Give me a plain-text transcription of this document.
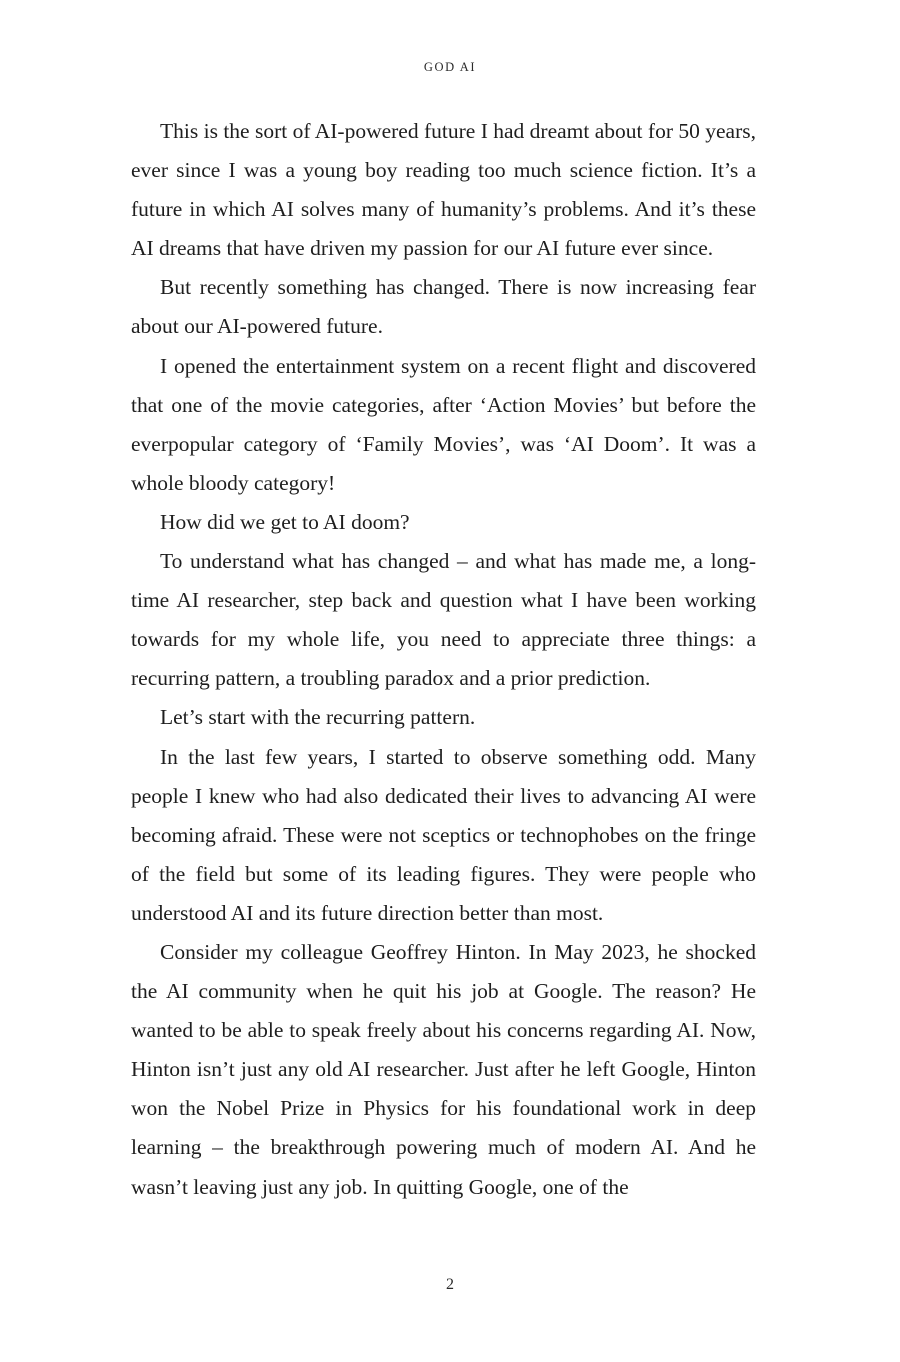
GOD AI

This is the sort of AI-powered future I had dreamt about for 50 years, ever since I was a young boy reading too much science fiction. It’s a future in which AI solves many of humanity’s problems. And it’s these AI dreams that have driven my passion for our AI future ever since.

But recently something has changed. There is now increasing fear about our AI-powered future.

I opened the entertainment system on a recent flight and discovered that one of the movie categories, after ‘Action Movies’ but before the everpopular category of ‘Family Movies’, was ‘AI Doom’. It was a whole bloody category!

How did we get to AI doom?

To understand what has changed – and what has made me, a long-time AI researcher, step back and question what I have been working towards for my whole life, you need to appreciate three things: a recurring pattern, a troubling paradox and a prior prediction.

Let’s start with the recurring pattern.

In the last few years, I started to observe something odd. Many people I knew who had also dedicated their lives to advancing AI were becoming afraid. These were not sceptics or technophobes on the fringe of the field but some of its leading figures. They were people who understood AI and its future direction better than most.

Consider my colleague Geoffrey Hinton. In May 2023, he shocked the AI community when he quit his job at Google. The reason? He wanted to be able to speak freely about his concerns regarding AI. Now, Hinton isn’t just any old AI researcher. Just after he left Google, Hinton won the Nobel Prize in Physics for his foundational work in deep learning – the breakthrough powering much of modern AI. And he wasn’t leaving just any job. In quitting Google, one of the

2
